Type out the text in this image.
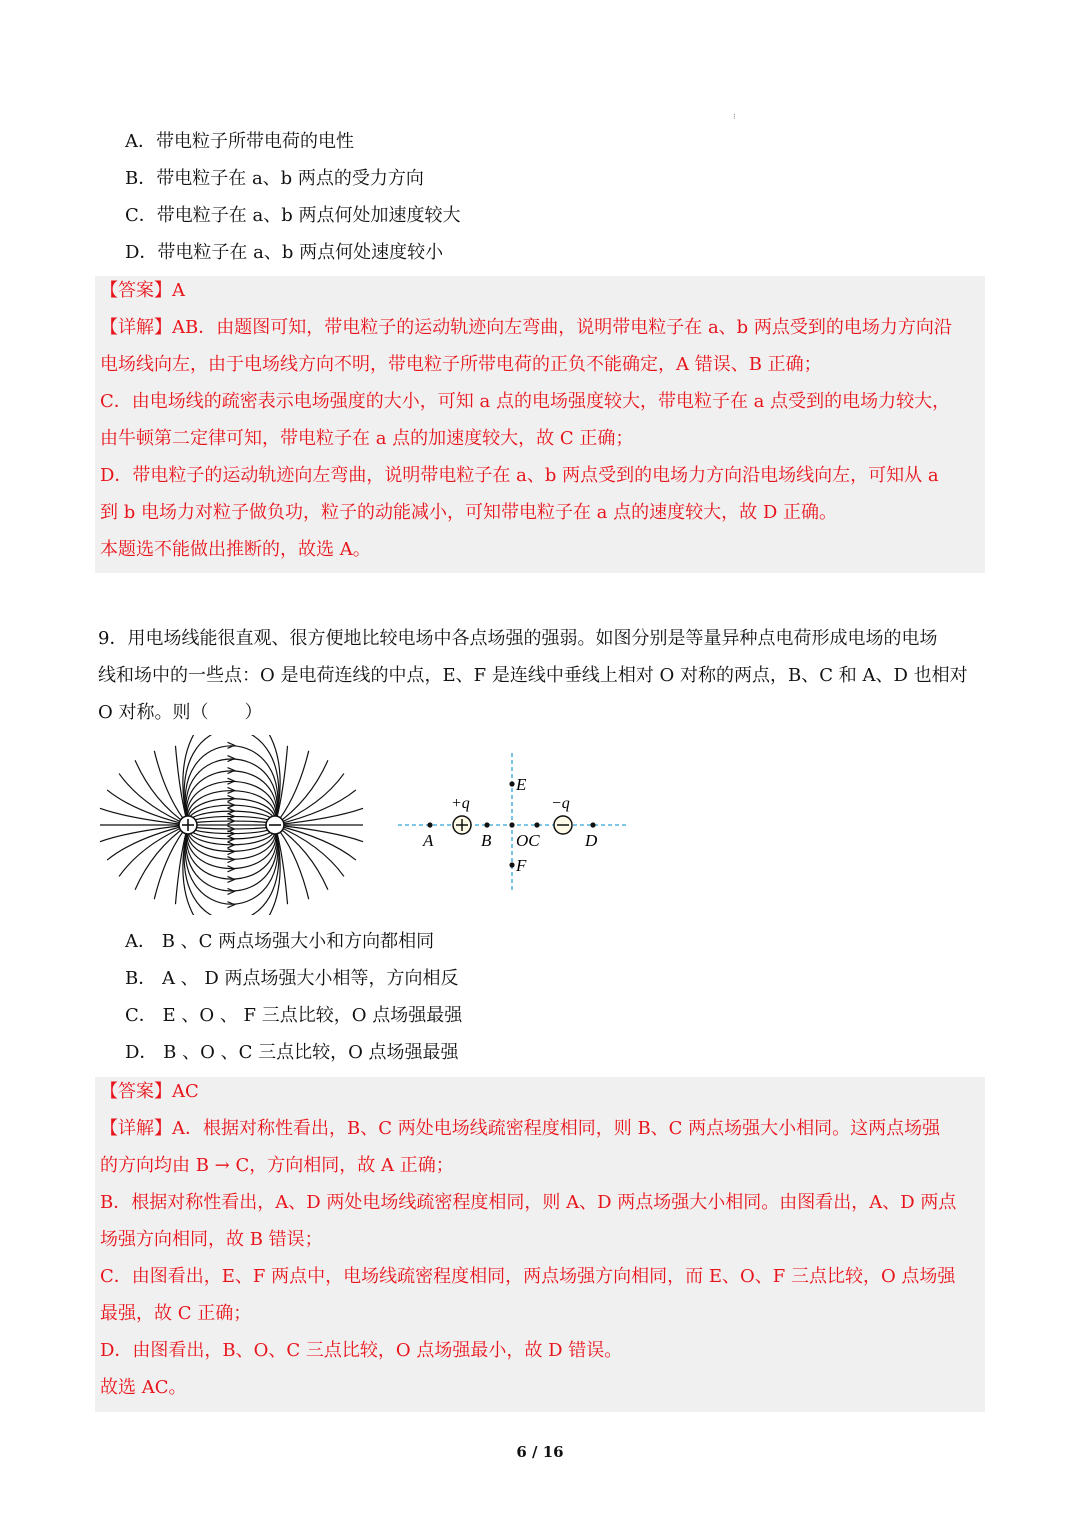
⁝
A．带电粒子所带电荷的电性
B．带电粒子在 a、b 两点的受力方向
C．带电粒子在 a、b 两点何处加速度较大
D．带电粒子在 a、b 两点何处速度较小
【答案】A
【详解】AB．由题图可知，带电粒子的运动轨迹向左弯曲，说明带电粒子在 a、b 两点受到的电场力方向沿
电场线向左，由于电场线方向不明，带电粒子所带电荷的正负不能确定，A 错误、B 正确；
C．由电场线的疏密表示电场强度的大小，可知 a 点的电场强度较大，带电粒子在 a 点受到的电场力较大，
由牛顿第二定律可知，带电粒子在 a 点的加速度较大，故 C 正确；
D．带电粒子的运动轨迹向左弯曲，说明带电粒子在 a、b 两点受到的电场力方向沿电场线向左，可知从 a
到 b 电场力对粒子做负功，粒子的动能减小，可知带电粒子在 a 点的速度较大，故 D 正确。
本题选不能做出推断的，故选 A。
9．用电场线能很直观、很方便地比较电场中各点场强的强弱。如图分别是等量异种点电荷形成电场的电场
线和场中的一些点：O 是电荷连线的中点，E、F 是连线中垂线上相对 O 对称的两点，B、C 和 A、D 也相对
O 对称。则（　　）
E
+q	−q
A	B OC	D
F
A． B 、C 两点场强大小和方向都相同
B． A 、 D 两点场强大小相等，方向相反
C． E 、O 、 F 三点比较，O 点场强最强
D． B 、O 、C 三点比较，O 点场强最强
【答案】AC
【详解】A．根据对称性看出，B、C 两处电场线疏密程度相同，则 B、C 两点场强大小相同。这两点场强
的方向均由 B → C，方向相同，故 A 正确；
B．根据对称性看出，A、D 两处电场线疏密程度相同，则 A、D 两点场强大小相同。由图看出，A、D 两点
场强方向相同，故 B 错误；
C．由图看出，E、F 两点中，电场线疏密程度相同，两点场强方向相同，而 E、O、F 三点比较，O 点场强
最强，故 C 正确；
D．由图看出，B、O、C 三点比较，O 点场强最小，故 D 错误。
故选 AC。
6 / 16
